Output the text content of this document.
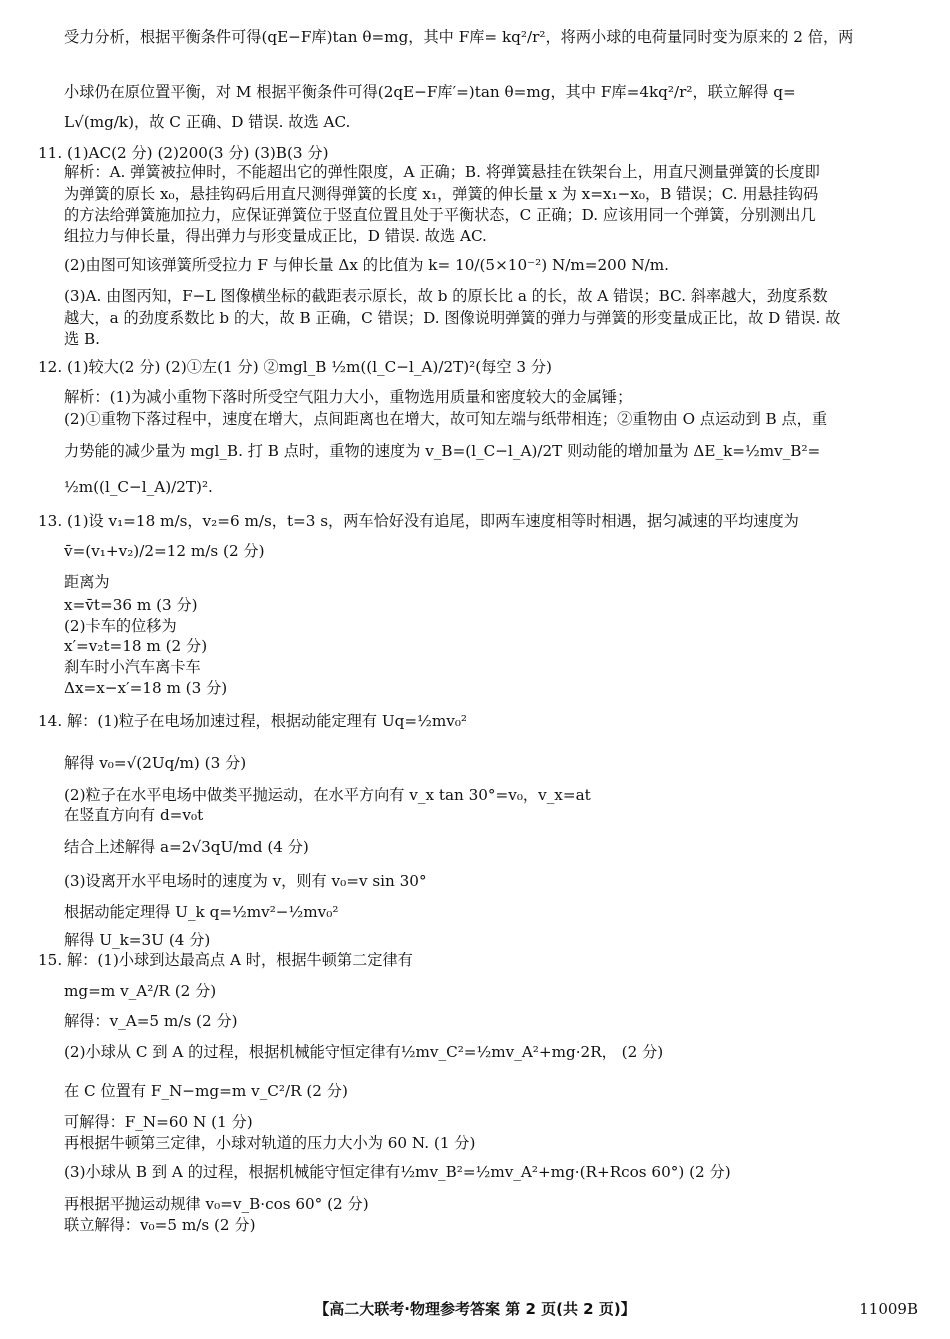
受力分析，根据平衡条件可得(qE−F库)tan θ=mg，其中 F库= kq²/r²，将两小球的电荷量同时变为原来的 2 倍，两
小球仍在原位置平衡，对 M 根据平衡条件可得(2qE−F库′=)tan θ=mg，其中 F库=4kq²/r²，联立解得 q=
L√(mg/k)，故 C 正确、D 错误. 故选 AC.
11. (1)AC(2 分) (2)200(3 分) (3)B(3 分)
解析：A. 弹簧被拉伸时，不能超出它的弹性限度，A 正确；B. 将弹簧悬挂在铁架台上，用直尺测量弹簧的长度即
为弹簧的原长 x₀，悬挂钩码后用直尺测得弹簧的长度 x₁，弹簧的伸长量 x 为 x=x₁−x₀，B 错误；C. 用悬挂钩码
的方法给弹簧施加拉力，应保证弹簧位于竖直位置且处于平衡状态，C 正确；D. 应该用同一个弹簧，分别测出几
组拉力与伸长量，得出弹力与形变量成正比，D 错误. 故选 AC.
(2)由图可知该弹簧所受拉力 F 与伸长量 Δx 的比值为 k= 10/(5×10⁻²) N/m=200 N/m.
(3)A. 由图丙知，F−L 图像横坐标的截距表示原长，故 b 的原长比 a 的长，故 A 错误；BC. 斜率越大，劲度系数
越大，a 的劲度系数比 b 的大，故 B 正确，C 错误；D. 图像说明弹簧的弹力与弹簧的形变量成正比，故 D 错误. 故
选 B.
12. (1)较大(2 分) (2)①左(1 分) ②mgl_B ½m((l_C−l_A)/2T)²(每空 3 分)
解析：(1)为减小重物下落时所受空气阻力大小，重物选用质量和密度较大的金属锤；
(2)①重物下落过程中，速度在增大，点间距离也在增大，故可知左端与纸带相连；②重物由 O 点运动到 B 点，重
力势能的减少量为 mgl_B. 打 B 点时，重物的速度为 v_B=(l_C−l_A)/2T 则动能的增加量为 ΔE_k=½mv_B²=
½m((l_C−l_A)/2T)².
13. (1)设 v₁=18 m/s，v₂=6 m/s，t=3 s，两车恰好没有追尾，即两车速度相等时相遇，据匀减速的平均速度为
v̄=(v₁+v₂)/2=12 m/s (2 分)
距离为
x=v̄t=36 m (3 分)
(2)卡车的位移为
x′=v₂t=18 m (2 分)
刹车时小汽车离卡车
Δx=x−x′=18 m (3 分)
14. 解：(1)粒子在电场加速过程，根据动能定理有 Uq=½mv₀²
解得 v₀=√(2Uq/m) (3 分)
(2)粒子在水平电场中做类平抛运动，在水平方向有 v_x tan 30°=v₀，v_x=at
在竖直方向有 d=v₀t
结合上述解得 a=2√3qU/md (4 分)
(3)设离开水平电场时的速度为 v，则有 v₀=v sin 30°
根据动能定理得 U_k q=½mv²−½mv₀²
解得 U_k=3U (4 分)
15. 解：(1)小球到达最高点 A 时，根据牛顿第二定律有
mg=m v_A²/R (2 分)
解得：v_A=5 m/s (2 分)
(2)小球从 C 到 A 的过程，根据机械能守恒定律有½mv_C²=½mv_A²+mg·2R， (2 分)
在 C 位置有 F_N−mg=m v_C²/R (2 分)
可解得：F_N=60 N (1 分)
再根据牛顿第三定律，小球对轨道的压力大小为 60 N. (1 分)
(3)小球从 B 到 A 的过程，根据机械能守恒定律有½mv_B²=½mv_A²+mg·(R+Rcos 60°) (2 分)
再根据平抛运动规律 v₀=v_B·cos 60° (2 分)
联立解得：v₀=5 m/s (2 分)
【高二大联考·物理参考答案 第 2 页(共 2 页)】	11009B
